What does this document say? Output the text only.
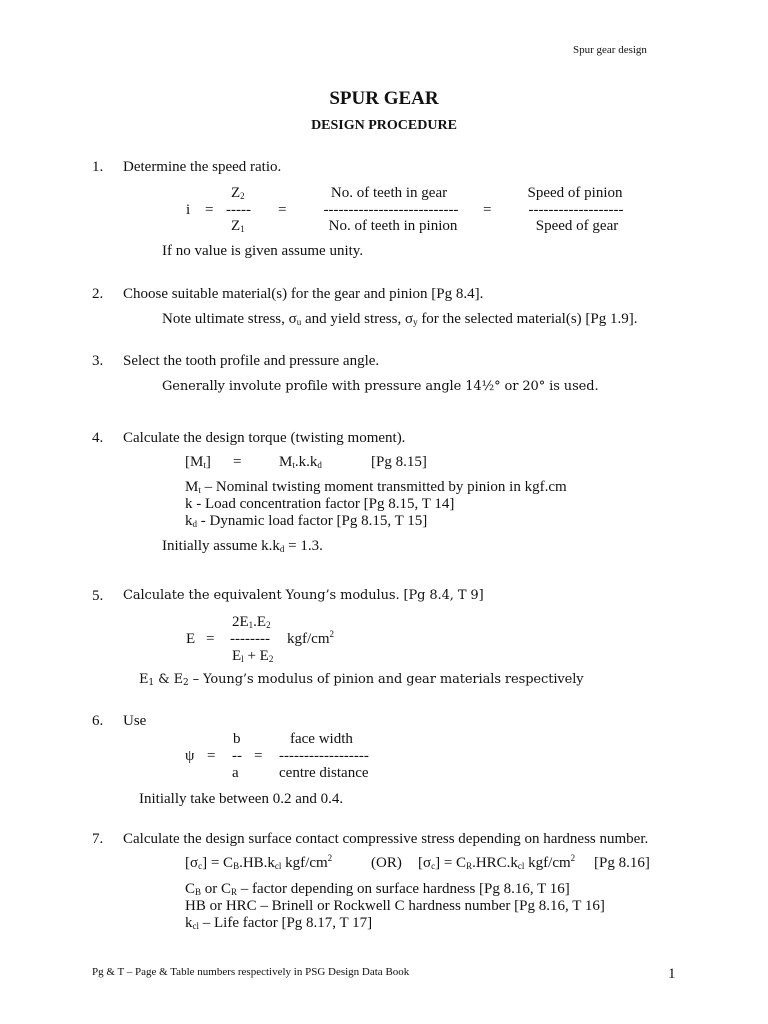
Spur gear design
SPUR GEAR
DESIGN PROCEDURE
1. Determine the speed ratio.
$Z_2$
i = ----- =
$Z_1$
No. of teeth in gear
---------------------------
No. of teeth in pinion
=
Speed of pinion
-------------------
Speed of gear
If no value is given assume unity.
2. Choose suitable material(s) for the gear and pinion [Pg 8.4].
Note ultimate stress, $\sigma_u$ and yield stress, $\sigma_y$ for the selected material(s) [Pg 1.9].
3. Select the tooth profile and pressure angle.
Generally involute profile with pressure angle 14½° or 20° is used.
4. Calculate the design torque (twisting moment).
$[M_t]$ =	$M_t.k.k_d$	[Pg 8.15]
$M_t$ – Nominal twisting moment transmitted by pinion in kgf.cm
k - Load concentration factor [Pg 8.15, T 14]
$k_d$ - Dynamic load factor [Pg 8.15, T 15]
Initially assume $k.k_d = 1.3$.
5. Calculate the equivalent Young’s modulus. [Pg 8.4, T 9]
$2E_1.E_2$
E = -------- kgf/$cm^2$
$E_l + E_2$
$E_1$ & $E_2$ – Young’s modulus of pinion and gear materials respectively
6. Use
b	face width
ψ = -- = ------------------
a	centre distance
Initially take between 0.2 and 0.4.
7. Calculate the design surface contact compressive stress depending on hardness number.
$[\sigma_c] = C_B.HB.k_{cl}$ kgf/$cm^2$	(OR) $[\sigma_c] = C_R.HRC.k_{cl}$ kgf/$cm^2$ [Pg 8.16]
$C_B$ or $C_R$ – factor depending on surface hardness [Pg 8.16, T 16]
HB or HRC – Brinell or Rockwell C hardness number [Pg 8.16, T 16]
$k_{cl}$ – Life factor [Pg 8.17, T 17]
Pg & T – Page & Table numbers respectively in PSG Design Data Book	1
